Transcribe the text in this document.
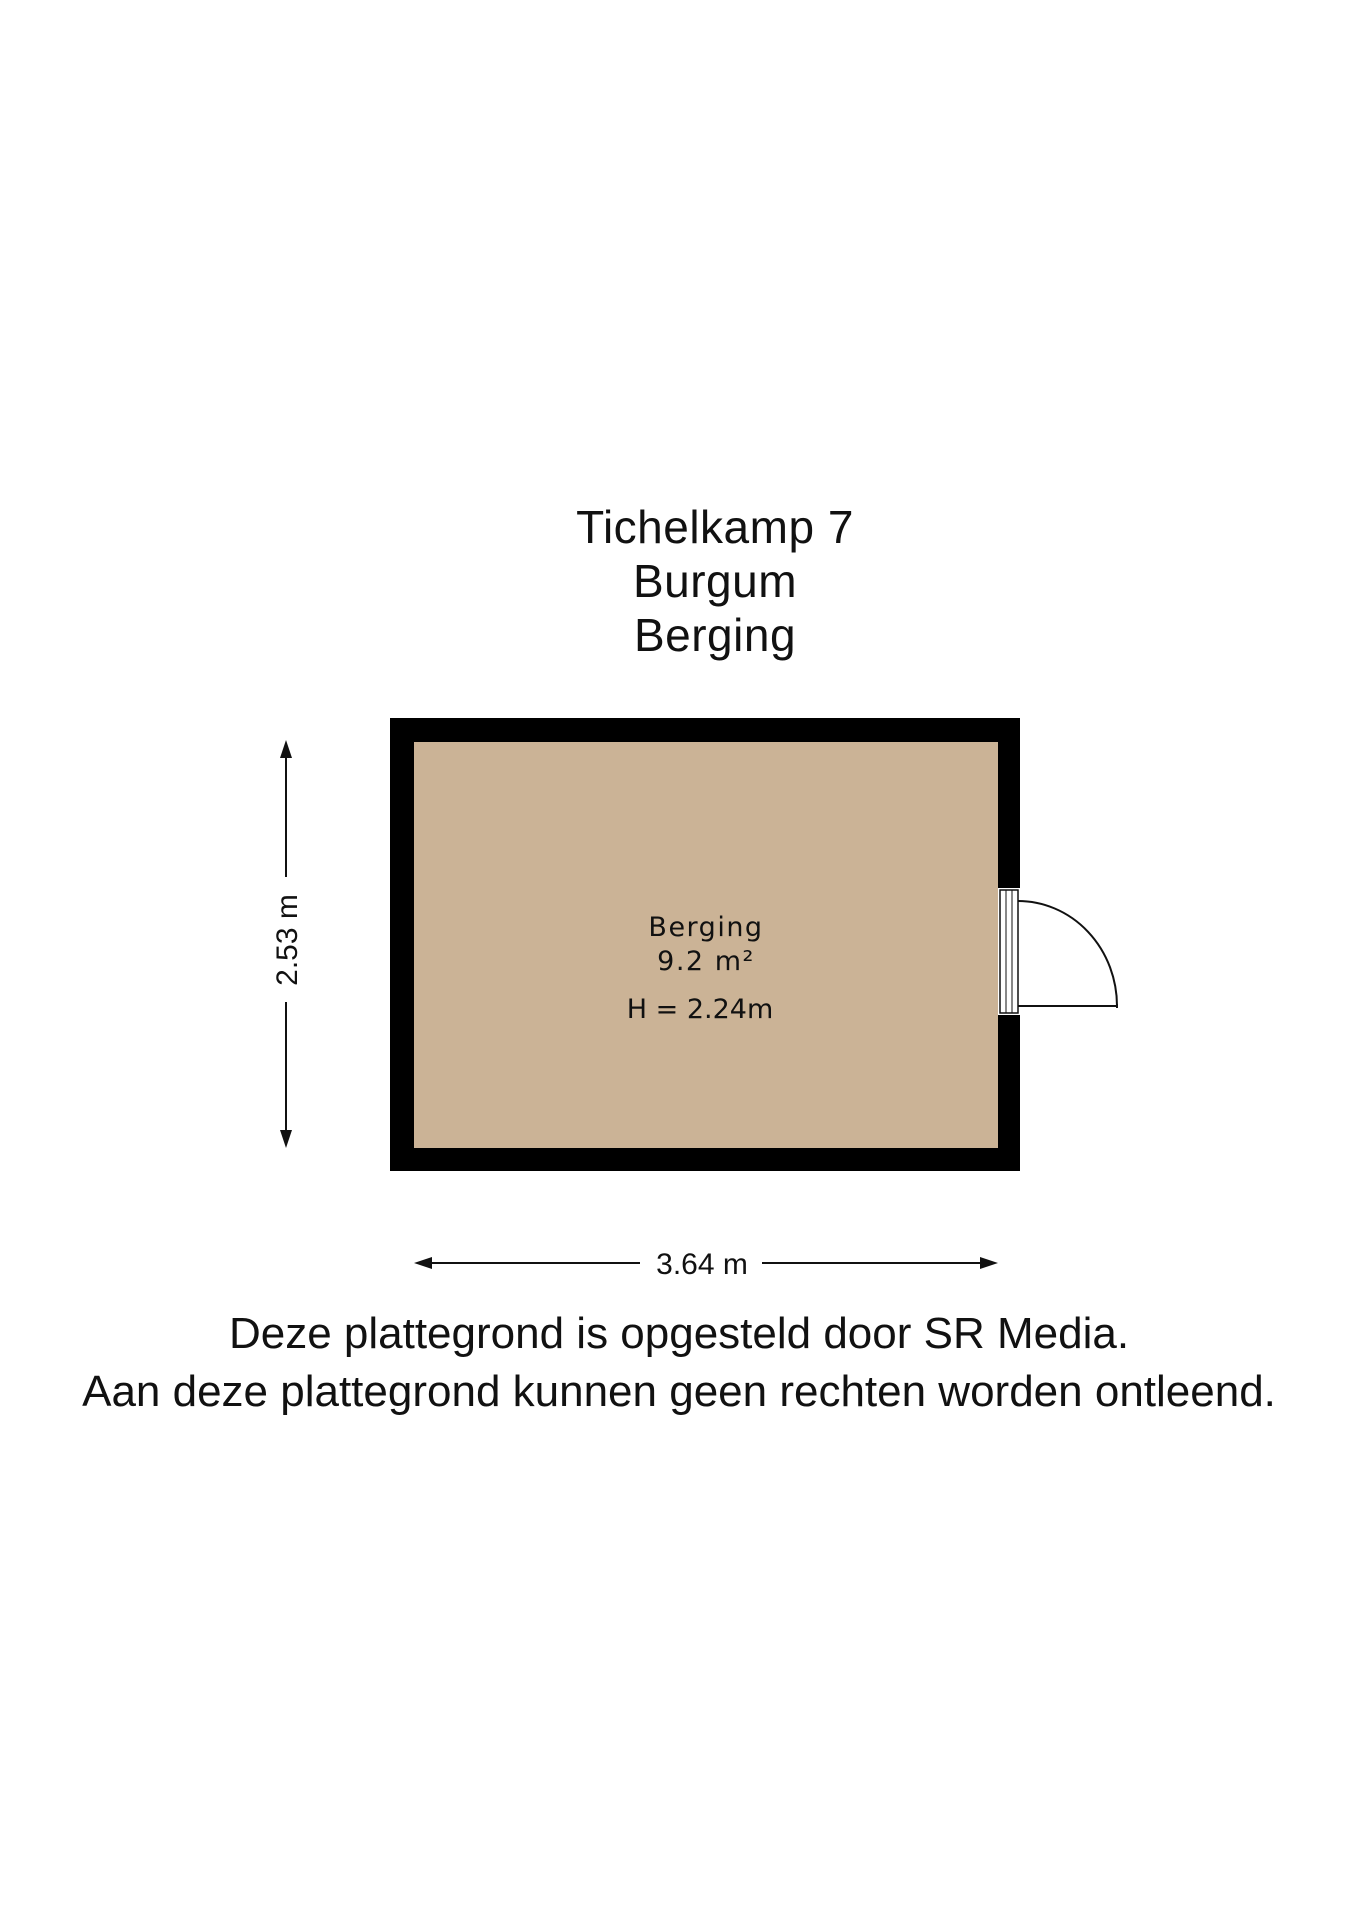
Tichelkamp 7
Burgum
Berging
Berging
9.2 m²
H = 2.24m
2.53 m
3.64 m
Deze plattegrond is opgesteld door SR Media.
Aan deze plattegrond kunnen geen rechten worden ontleend.
